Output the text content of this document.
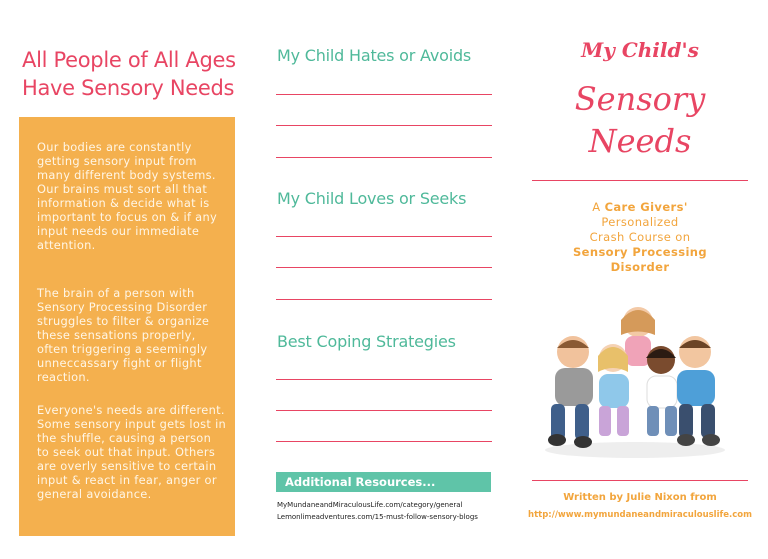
All People of All Ages
Have Sensory Needs

Our bodies are constantly getting sensory input from many different body systems. Our brains must sort all that information & decide what is important to focus on & if any input needs our immediate attention.

The brain of a person with Sensory Processing Disorder struggles to filter & organize these sensations properly, often triggering a seemingly unneccassary fight or flight reaction.

Everyone's needs are different. Some sensory input gets lost in the shuffle, causing a person to seek out that input. Others are overly sensitive to certain input & react in fear, anger or general avoidance.

My Child Hates or Avoids
My Child Loves or Seeks
Best Coping Strategies
Additional Resources...
MyMundaneandMiraculousLife.com/category/general
Lemonlimeadventures.com/15-must-follow-sensory-blogs
My Child's
Sensory
Needs
A Care Givers'
Personalized
Crash Course on
Sensory Processing
Disorder
Written by Julie Nixon from
http://www.mymundaneandmiraculouslife.com
